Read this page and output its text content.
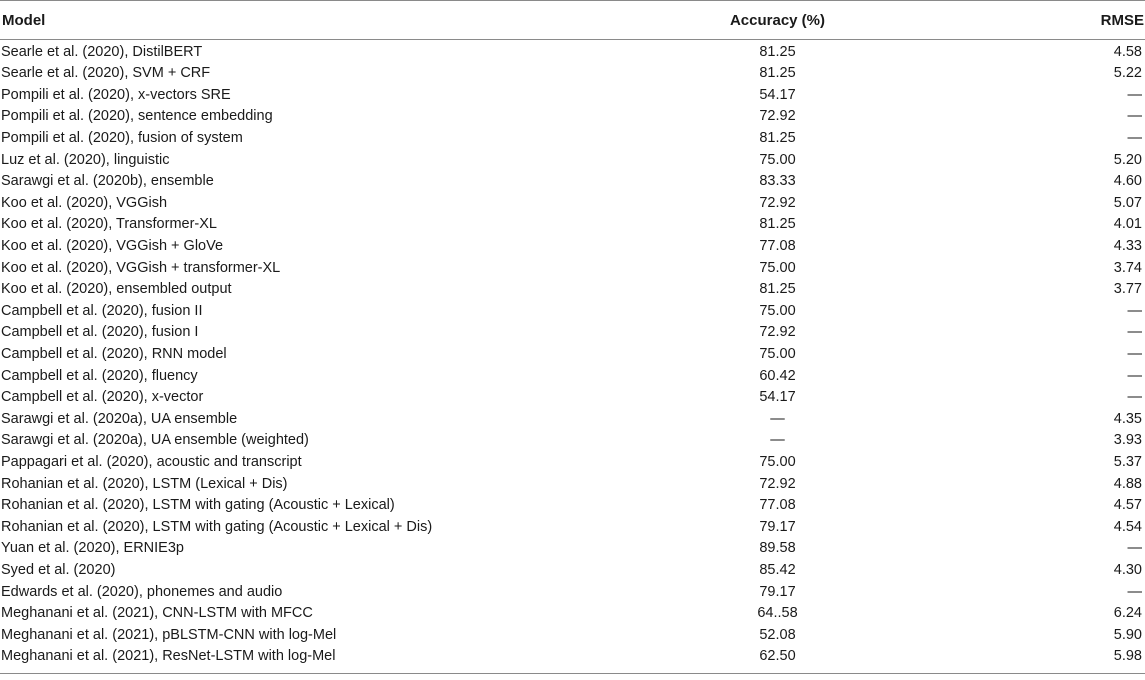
Model	Accuracy (%)	RMSE
Searle et al. (2020), DistilBERT	81.25	4.58
Searle et al. (2020), SVM + CRF	81.25	5.22
Pompili et al. (2020), x-vectors SRE	54.17	—
Pompili et al. (2020), sentence embedding	72.92	—
Pompili et al. (2020), fusion of system	81.25	—
Luz et al. (2020), linguistic	75.00	5.20
Sarawgi et al. (2020b), ensemble	83.33	4.60
Koo et al. (2020), VGGish	72.92	5.07
Koo et al. (2020), Transformer-XL	81.25	4.01
Koo et al. (2020), VGGish + GloVe	77.08	4.33
Koo et al. (2020), VGGish + transformer-XL	75.00	3.74
Koo et al. (2020), ensembled output	81.25	3.77
Campbell et al. (2020), fusion II	75.00	—
Campbell et al. (2020), fusion I	72.92	—
Campbell et al. (2020), RNN model	75.00	—
Campbell et al. (2020), fluency	60.42	—
Campbell et al. (2020), x-vector	54.17	—
Sarawgi et al. (2020a), UA ensemble	—	4.35
Sarawgi et al. (2020a), UA ensemble (weighted)	—	3.93
Pappagari et al. (2020), acoustic and transcript	75.00	5.37
Rohanian et al. (2020), LSTM (Lexical + Dis)	72.92	4.88
Rohanian et al. (2020), LSTM with gating (Acoustic + Lexical)	77.08	4.57
Rohanian et al. (2020), LSTM with gating (Acoustic + Lexical + Dis)	79.17	4.54
Yuan et al. (2020), ERNIE3p	89.58	—
Syed et al. (2020)	85.42	4.30
Edwards et al. (2020), phonemes and audio	79.17	—
Meghanani et al. (2021), CNN-LSTM with MFCC	64..58	6.24
Meghanani et al. (2021), pBLSTM-CNN with log-Mel	52.08	5.90
Meghanani et al. (2021), ResNet-LSTM with log-Mel	62.50	5.98
